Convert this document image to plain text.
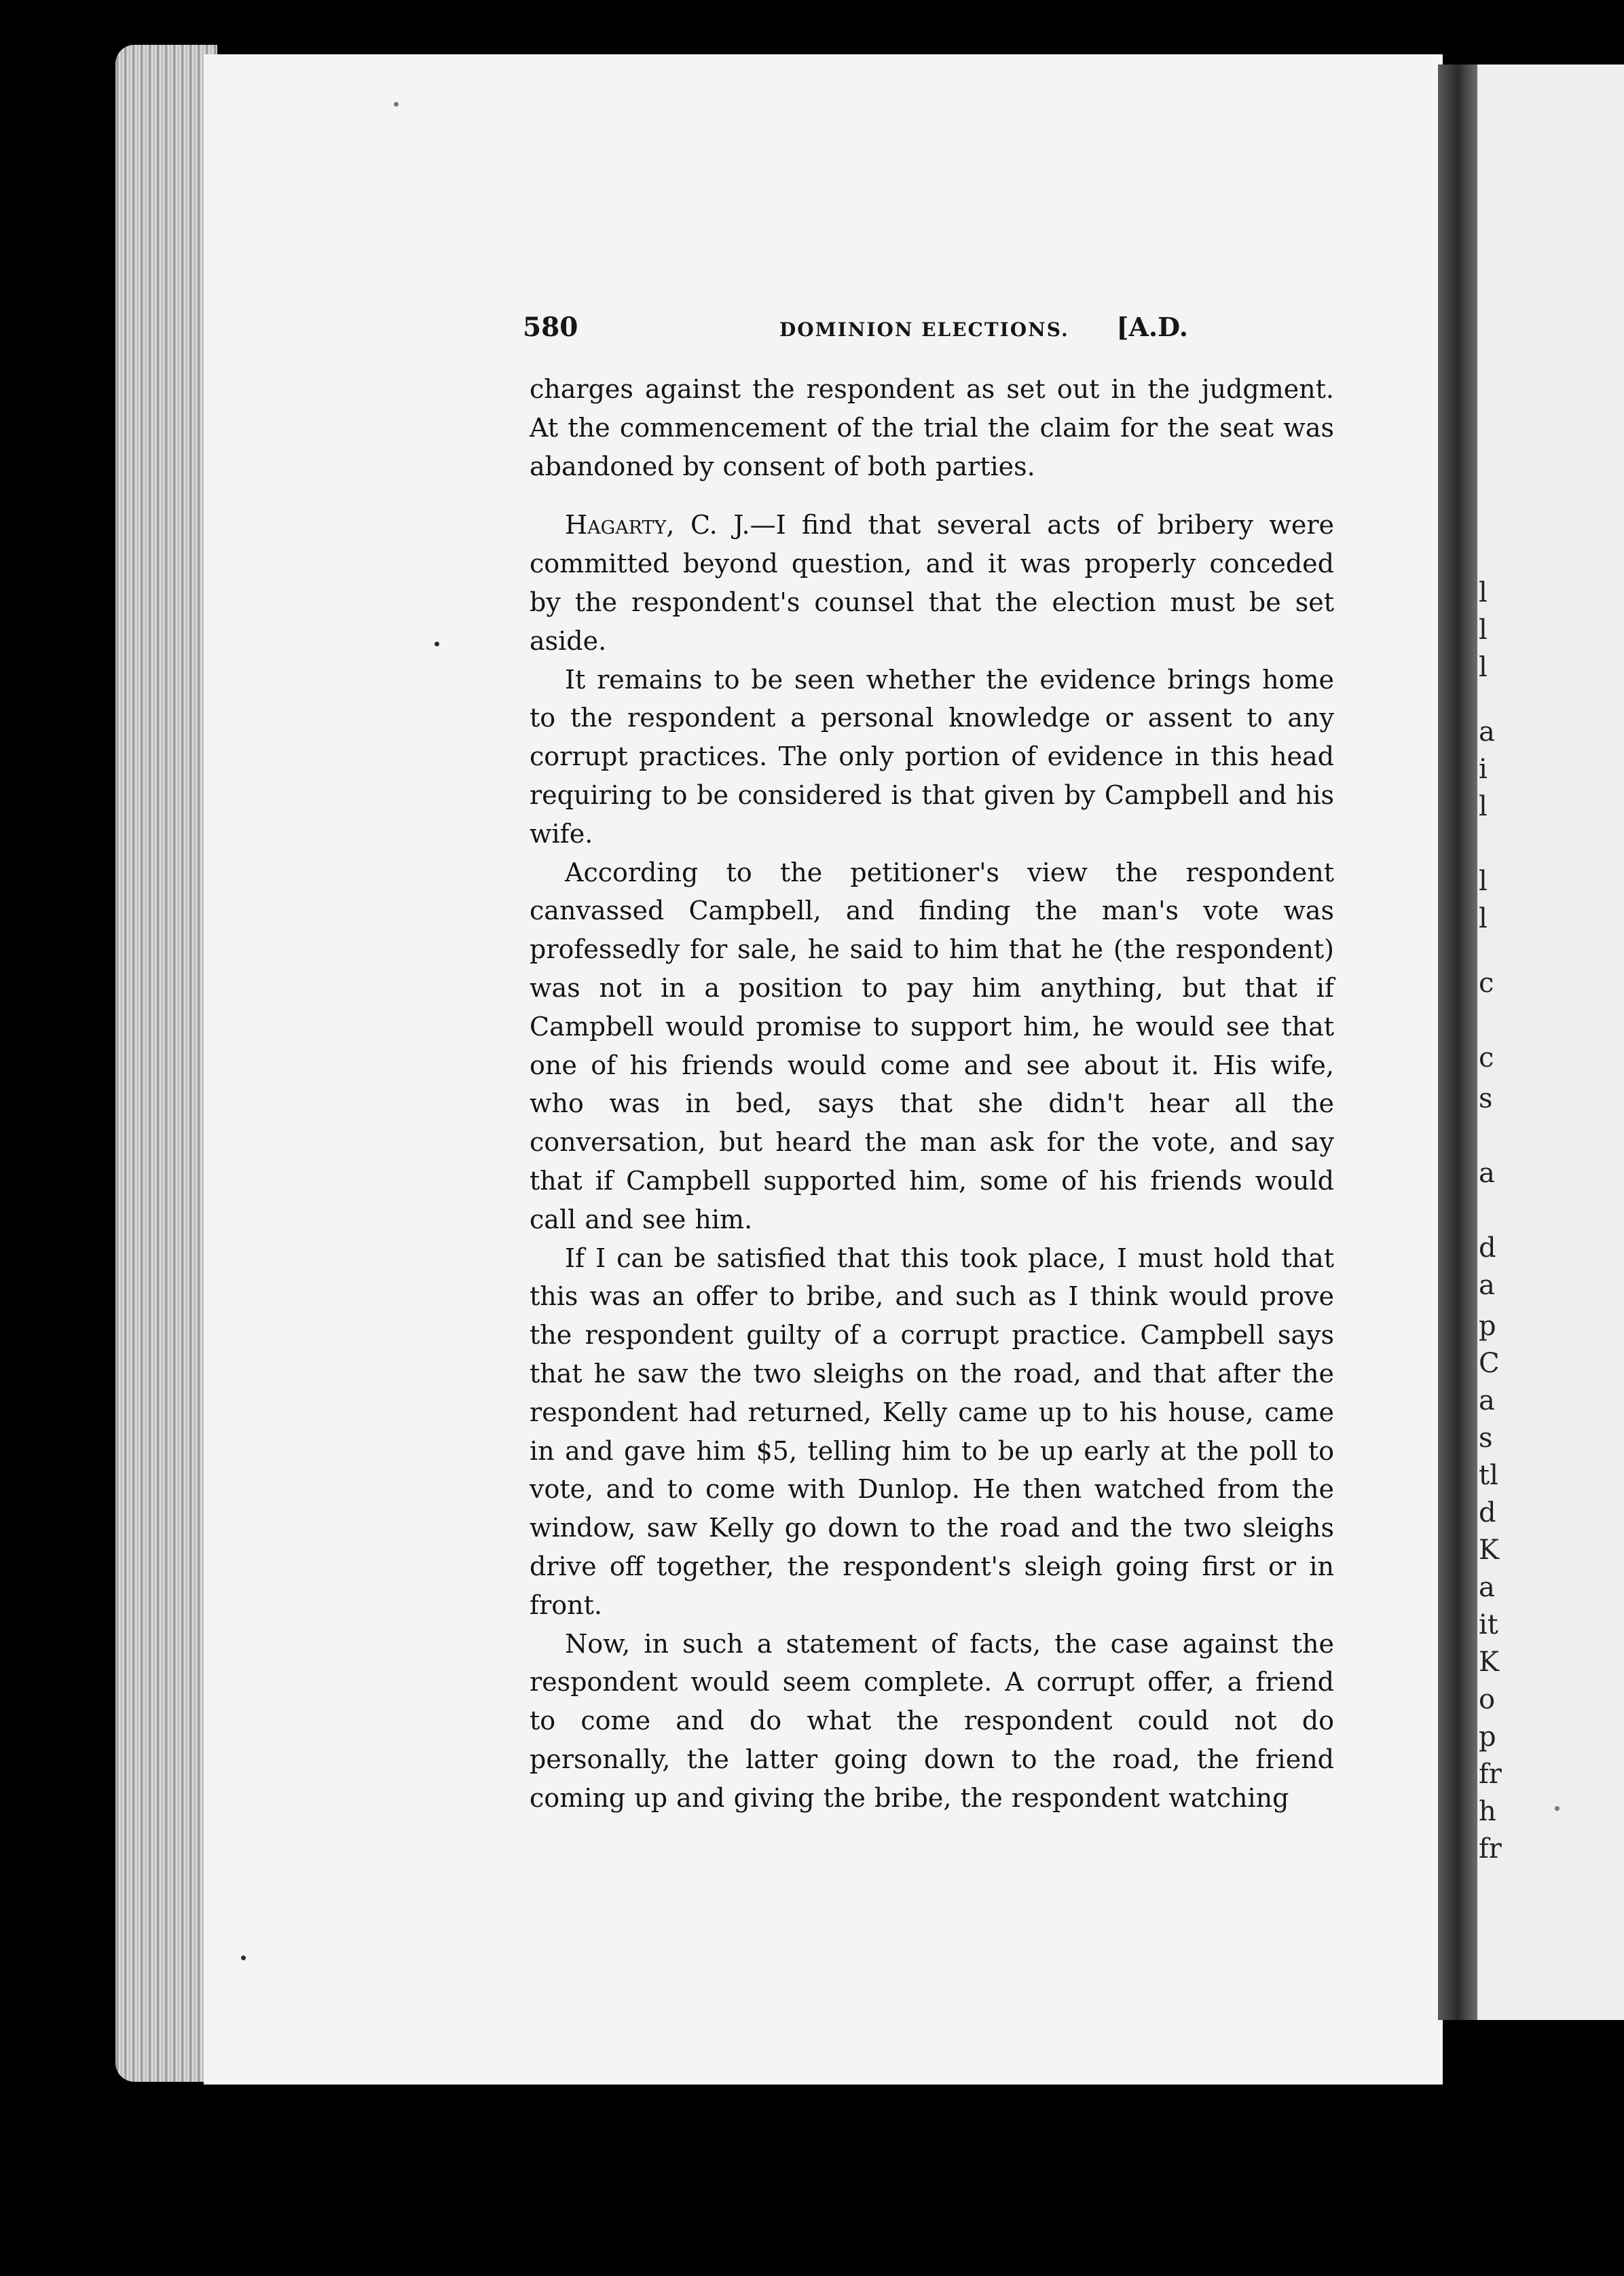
l
l
l
a
i
l
l
l
c
c
s
a
d
a
p
C
a
s
tl
d
K
a
it
K
o
p
fr
h
fr
580	DOMINION ELECTIONS. [A.D.

charges against the respondent as set out in the judgment. At the commencement of the trial the claim for the seat was abandoned by consent of both parties.

Hagarty, C. J.—I find that several acts of bribery were committed beyond question, and it was properly conceded by the respondent's counsel that the election must be set aside.

It remains to be seen whether the evidence brings home to the respondent a personal knowledge or assent to any corrupt practices. The only portion of evidence in this head requiring to be considered is that given by Campbell and his wife.

According to the petitioner's view the respondent canvassed Campbell, and finding the man's vote was professedly for sale, he said to him that he (the respondent) was not in a position to pay him anything, but that if Campbell would promise to support him, he would see that one of his friends would come and see about it. His wife, who was in bed, says that she didn't hear all the conversation, but heard the man ask for the vote, and say that if Campbell supported him, some of his friends would call and see him.

If I can be satisfied that this took place, I must hold that this was an offer to bribe, and such as I think would prove the respondent guilty of a corrupt practice. Campbell says that he saw the two sleighs on the road, and that after the respondent had returned, Kelly came up to his house, came in and gave him $5, telling him to be up early at the poll to vote, and to come with Dunlop. He then watched from the window, saw Kelly go down to the road and the two sleighs drive off together, the respondent's sleigh going first or in front.

Now, in such a statement of facts, the case against the respondent would seem complete. A corrupt offer, a friend to come and do what the respondent could not do personally, the latter going down to the road, the friend coming up and giving the bribe, the respondent watching
